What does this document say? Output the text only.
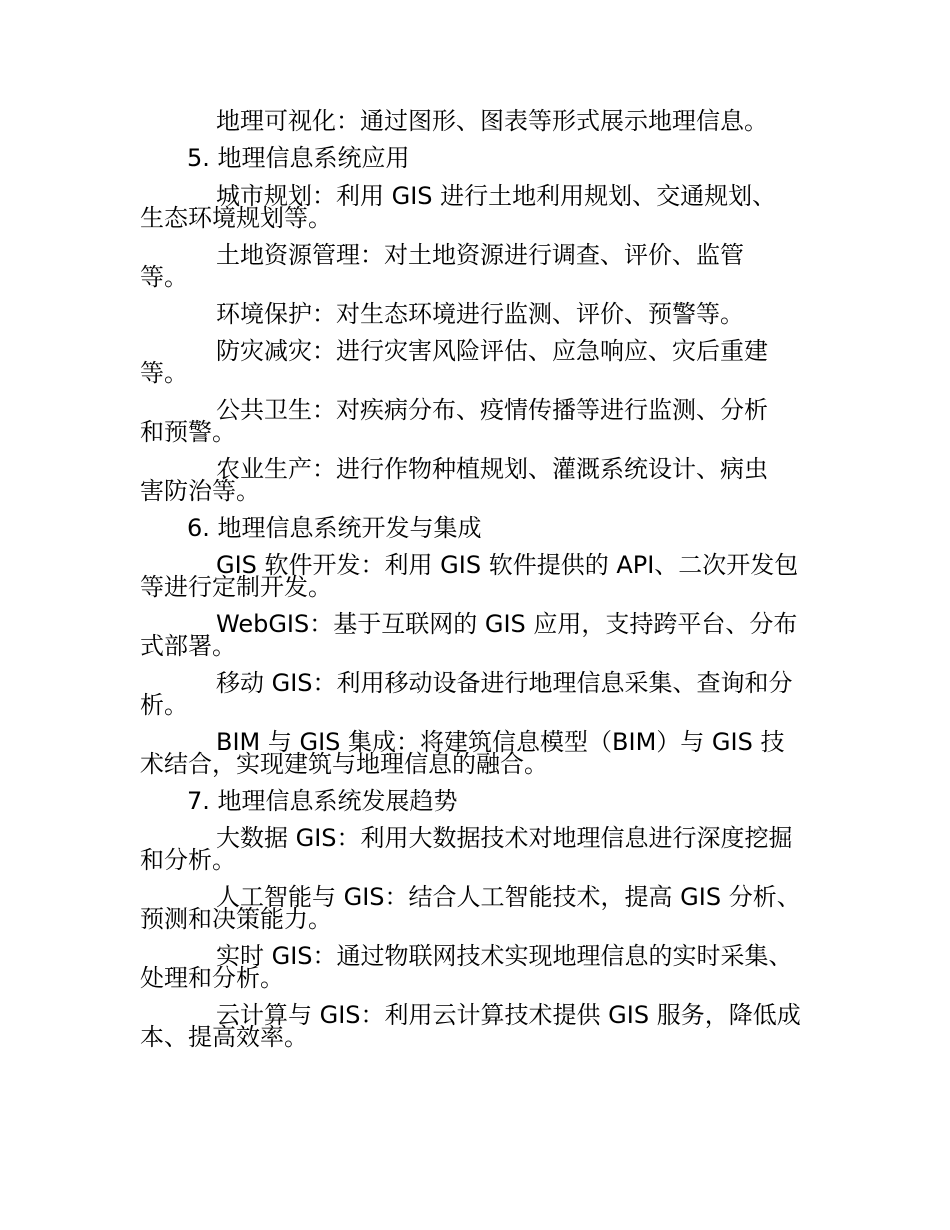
地理可视化：通过图形、图表等形式展示地理信息。
5. 地理信息系统应用
城市规划：利用 GIS 进行土地利用规划、交通规划、
生态环境规划等。
土地资源管理：对土地资源进行调查、评价、监管
等。
环境保护：对生态环境进行监测、评价、预警等。
防灾减灾：进行灾害风险评估、应急响应、灾后重建
等。
公共卫生：对疾病分布、疫情传播等进行监测、分析
和预警。
农业生产：进行作物种植规划、灌溉系统设计、病虫
害防治等。
6. 地理信息系统开发与集成
GIS 软件开发：利用 GIS 软件提供的 API、二次开发包
等进行定制开发。
WebGIS：基于互联网的 GIS 应用，支持跨平台、分布
式部署。
移动 GIS：利用移动设备进行地理信息采集、查询和分
析。
BIM 与 GIS 集成：将建筑信息模型（BIM）与 GIS 技
术结合，实现建筑与地理信息的融合。
7. 地理信息系统发展趋势
大数据 GIS：利用大数据技术对地理信息进行深度挖掘
和分析。
人工智能与 GIS：结合人工智能技术，提高 GIS 分析、
预测和决策能力。
实时 GIS：通过物联网技术实现地理信息的实时采集、
处理和分析。
云计算与 GIS：利用云计算技术提供 GIS 服务，降低成
本、提高效率。
